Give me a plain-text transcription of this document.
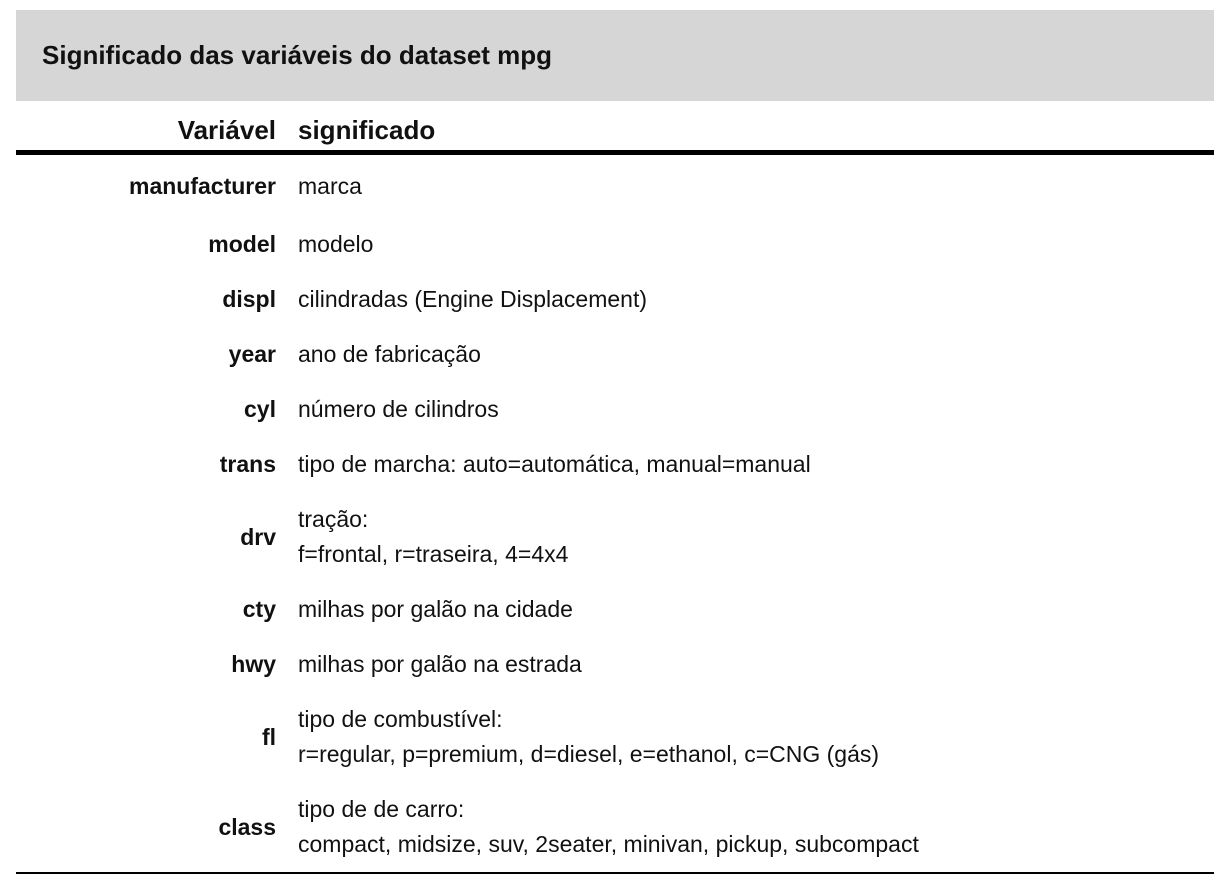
Significado das variáveis do dataset mpg
Variável	significado
manufacturer	marca

model	modelo

displ	cilindradas (Engine Displacement)

year	ano de fabricação

cyl	número de cilindros

trans	tipo de marcha: auto=automática, manual=manual

drv	tração:
f=frontal, r=traseira, 4=4x4

cty	milhas por galão na cidade

hwy	milhas por galão na estrada

fl	tipo de combustível:
r=regular, p=premium, d=diesel, e=ethanol, c=CNG (gás)

class	tipo de de carro:
compact, midsize, suv, 2seater, minivan, pickup, subcompact
